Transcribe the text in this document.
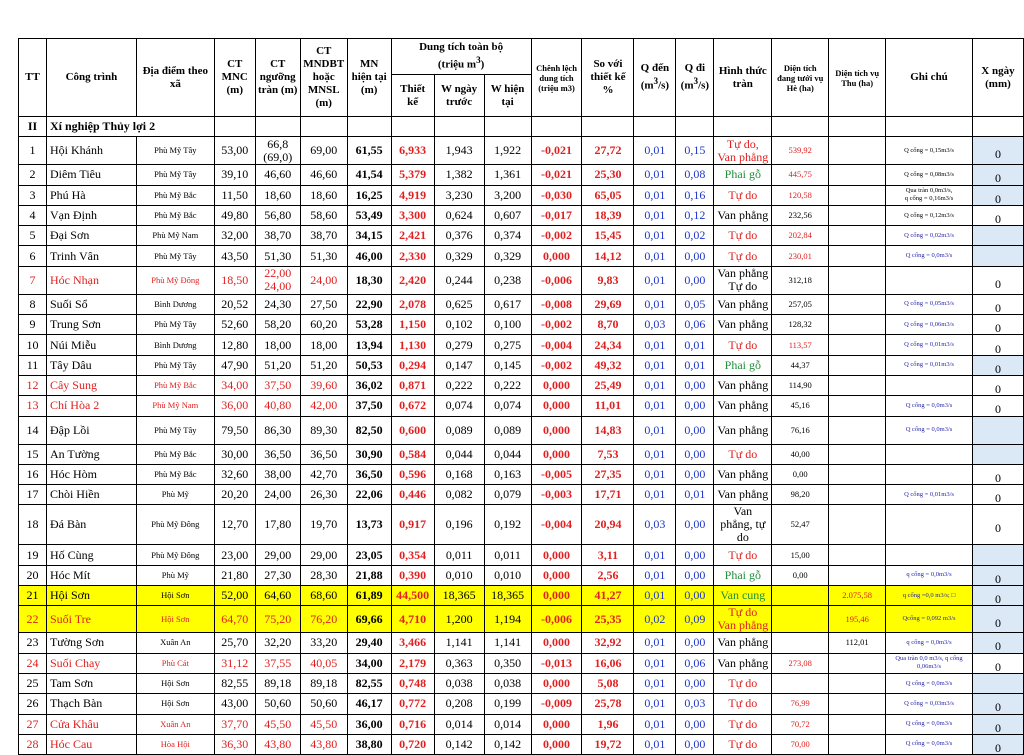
TT	Công trình	Địa điểm theo xã	CT MNC (m)	CT ngưỡng tràn (m)	CT MNDBT hoặc MNSL (m)	MN hiện tại (m)	Dung tích toàn bộ
(triệu $m^3$)			Chênh lệch dung tích (triệu m3)	So với thiết kế %	Q đến $(m^3/s)$	Q đi $(m^3/s)$	Hình thức tràn	Diện tích đang tưới vụ Hè (ha)	Diện tích vụ Thu (ha)	Ghi chú	X ngày (mm)
							Thiết kế	W ngày trước	W hiện tại									
II	Xí nghiệp Thủy lợi 2																	
1	Hội Khánh	Phù Mỹ Tây	53,00	66,8
(69,0)	69,00	61,55	6,933	1,943	1,922	-0,021	27,72	0,01	0,15	Tự do,
Van phẳng	539,92		Q cống = 0,15m3/s	0
2	Diêm Tiêu	Phù Mỹ Tây	39,10	46,60	46,60	41,54	5,379	1,382	1,361	-0,021	25,30	0,01	0,08	Phai gỗ	445,75		Q cống = 0,08m3/s	0
3	Phú Hà	Phù Mỹ Bắc	11,50	18,60	18,60	16,25	4,919	3,230	3,200	-0,030	65,05	0,01	0,16	Tự do	120,58		Qua tràn 0,0m3/s,
q cống = 0,16m3/s	0
4	Vạn Định	Phù Mỹ Bắc	49,80	56,80	58,60	53,49	3,300	0,624	0,607	-0,017	18,39	0,01	0,12	Van phẳng	232,56		Q cống = 0,12m3/s	0
5	Đại Sơn	Phù Mỹ Nam	32,00	38,70	38,70	34,15	2,421	0,376	0,374	-0,002	15,45	0,01	0,02	Tự do	202,84		Q cống = 0,02m3/s	
6	Trinh Vân	Phù Mỹ Tây	43,50	51,30	51,30	46,00	2,330	0,329	0,329	0,000	14,12	0,01	0,00	Tự do	230,01		Q cống = 0,0m3/s	
7	Hóc Nhạn	Phù Mỹ Đông	18,50	22,00
24,00	24,00	18,30	2,420	0,244	0,238	-0,006	9,83	0,01	0,00	Van phẳng
Tự do	312,18			0
8	Suối Sổ	Bình Dương	20,52	24,30	27,50	22,90	2,078	0,625	0,617	-0,008	29,69	0,01	0,05	Van phẳng	257,05		Q cống = 0,05m3/s	0
9	Trung Sơn	Phù Mỹ Tây	52,60	58,20	60,20	53,28	1,150	0,102	0,100	-0,002	8,70	0,03	0,06	Van phẳng	128,32		Q cống = 0,06m3/s	0
10	Núi Miễu	Bình Dương	12,80	18,00	18,00	13,94	1,130	0,279	0,275	-0,004	24,34	0,01	0,01	Tự do	113,57		Q cống = 0,01m3/s	0
11	Tây Dâu	Phù Mỹ Tây	47,90	51,20	51,20	50,53	0,294	0,147	0,145	-0,002	49,32	0,01	0,01	Phai gỗ	44,37		Q cống = 0,01m3/s	0
12	Cây Sung	Phù Mỹ Bắc	34,00	37,50	39,60	36,02	0,871	0,222	0,222	0,000	25,49	0,01	0,00	Van phẳng	114,90			0
13	Chí Hòa 2	Phù Mỹ Nam	36,00	40,80	42,00	37,50	0,672	0,074	0,074	0,000	11,01	0,01	0,00	Van phẳng	45,16		Q cống = 0,0m3/s	0
14	Đập Lồi	Phù Mỹ Tây	79,50	86,30	89,30	82,50	0,600	0,089	0,089	0,000	14,83	0,01	0,00	Van phẳng	76,16		Q cống = 0,0m3/s	
15	An Tường	Phù Mỹ Bắc	30,00	36,50	36,50	30,90	0,584	0,044	0,044	0,000	7,53	0,01	0,00	Tự do	40,00			
16	Hóc Hòm	Phù Mỹ Bắc	32,60	38,00	42,70	36,50	0,596	0,168	0,163	-0,005	27,35	0,01	0,00	Van phẳng	0,00			0
17	Chòi Hiền	Phù Mỹ	20,20	24,00	26,30	22,06	0,446	0,082	0,079	-0,003	17,71	0,01	0,01	Van phẳng	98,20		Q cống = 0,01m3/s	0
18	Đá Bàn	Phù Mỹ Đông	12,70	17,80	19,70	13,73	0,917	0,196	0,192	-0,004	20,94	0,03	0,00	Van phẳng, tự do	52,47			0
19	Hố Cùng	Phù Mỹ Đông	23,00	29,00	29,00	23,05	0,354	0,011	0,011	0,000	3,11	0,01	0,00	Tự do	15,00			
20	Hóc Mít	Phù Mỹ	21,80	27,30	28,30	21,88	0,390	0,010	0,010	0,000	2,56	0,01	0,00	Phai gỗ	0,00		q cống = 0,0m3/s	0
21	Hội Sơn	Hội Sơn	52,00	64,60	68,60	61,89	44,500	18,365	18,365	0,000	41,27	0,01	0,00	Van cung		2.075,58	q cống =0,0 m3/s; □	0
22	Suối Tre	Hội Sơn	64,70	75,20	76,20	69,66	4,710	1,200	1,194	-0,006	25,35	0,02	0,09	Tự do
Van phẳng		195,46	Qcống = 0,092 m3/s	0
23	Tường Sơn	Xuân An	25,70	32,20	33,20	29,40	3,466	1,141	1,141	0,000	32,92	0,01	0,00	Van phẳng		112,01	q cống = 0,0m3/s	0
24	Suối Chay	Phù Cát	31,12	37,55	40,05	34,00	2,179	0,363	0,350	-0,013	16,06	0,01	0,06	Van phẳng	273,08		Qua tràn 0,0 m3/s, q cống 0,06m3/s	0
25	Tam Sơn	Hội Sơn	82,55	89,18	89,18	82,55	0,748	0,038	0,038	0,000	5,08	0,01	0,00	Tự do			Q cống = 0,0m3/s	
26	Thạch Bàn	Hội Sơn	43,00	50,60	50,60	46,17	0,772	0,208	0,199	-0,009	25,78	0,01	0,03	Tự do	76,99		Q cống = 0,03m3/s	0
27	Cửa Khâu	Xuân An	37,70	45,50	45,50	36,00	0,716	0,014	0,014	0,000	1,96	0,01	0,00	Tự do	70,72		Q cống = 0,0m3/s	0
28	Hóc Cau	Hòa Hội	36,30	43,80	43,80	38,80	0,720	0,142	0,142	0,000	19,72	0,01	0,00	Tự do	70,00		Q cống = 0,0m3/s	0
